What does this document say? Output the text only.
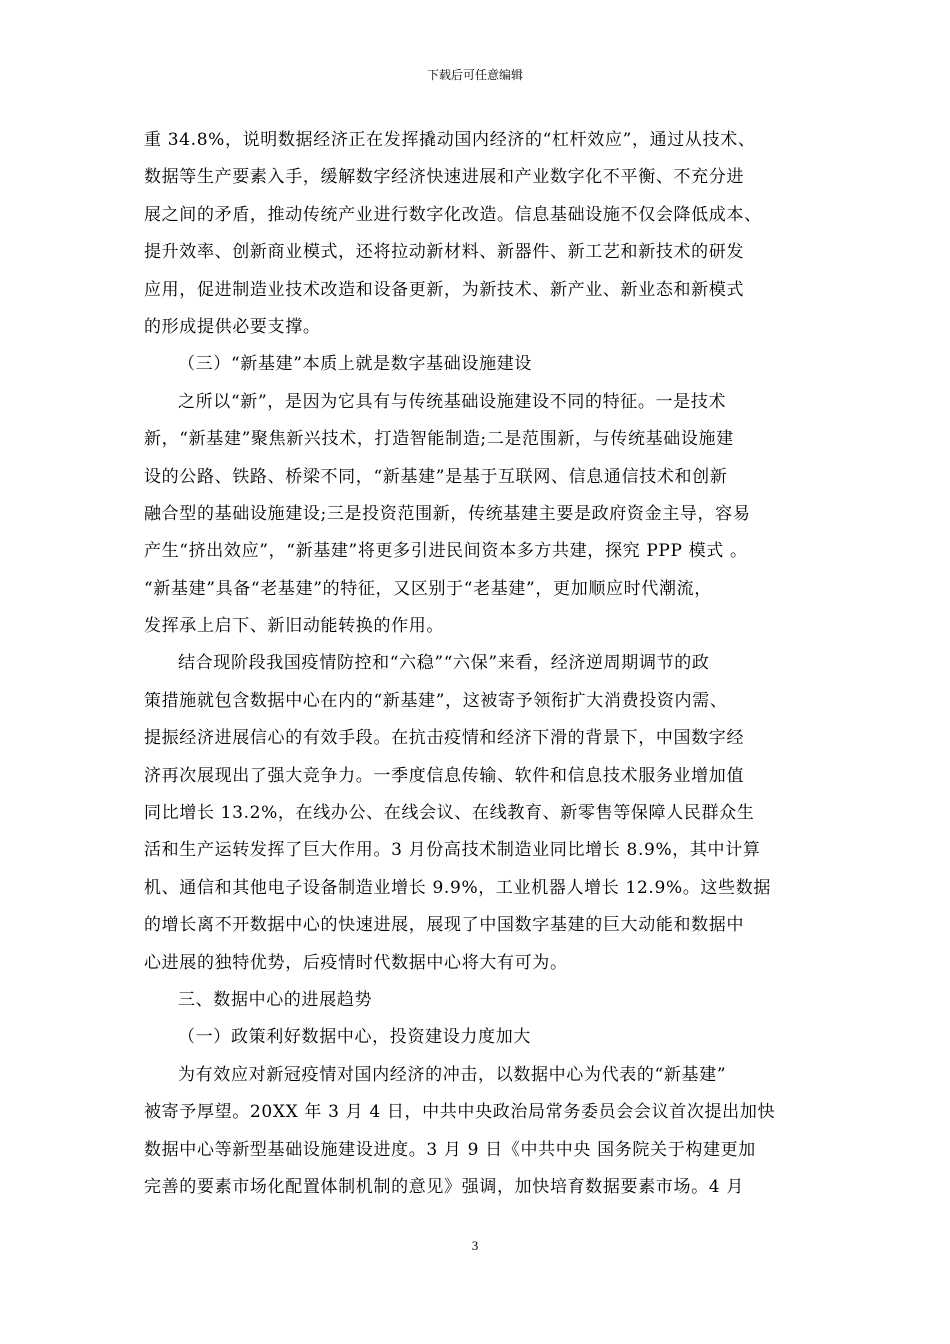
下载后可任意编辑
重 34.8%，说明数据经济正在发挥撬动国内经济的“杠杆效应”，通过从技术、
数据等生产要素入手，缓解数字经济快速进展和产业数字化不平衡、不充分进
展之间的矛盾，推动传统产业进行数字化改造。信息基础设施不仅会降低成本、
提升效率、创新商业模式，还将拉动新材料、新器件、新工艺和新技术的研发
应用，促进制造业技术改造和设备更新，为新技术、新产业、新业态和新模式
的形成提供必要支撑。
（三）“新基建”本质上就是数字基础设施建设
之所以“新”，是因为它具有与传统基础设施建设不同的特征。一是技术
新，“新基建”聚焦新兴技术，打造智能制造;二是范围新，与传统基础设施建
设的公路、铁路、桥梁不同，“新基建”是基于互联网、信息通信技术和创新
融合型的基础设施建设;三是投资范围新，传统基建主要是政府资金主导，容易
产生“挤出效应”，“新基建”将更多引进民间资本多方共建，探究 PPP 模式 。
“新基建”具备“老基建”的特征，又区别于“老基建”，更加顺应时代潮流，
发挥承上启下、新旧动能转换的作用。
结合现阶段我国疫情防控和“六稳”“六保”来看，经济逆周期调节的政
策措施就包含数据中心在内的“新基建”，这被寄予领衔扩大消费投资内需、
提振经济进展信心的有效手段。在抗击疫情和经济下滑的背景下，中国数字经
济再次展现出了强大竞争力。一季度信息传输、软件和信息技术服务业增加值
同比增长 13.2%，在线办公、在线会议、在线教育、新零售等保障人民群众生
活和生产运转发挥了巨大作用。3 月份高技术制造业同比增长 8.9%，其中计算
机、通信和其他电子设备制造业增长 9.9%，工业机器人增长 12.9%。这些数据
的增长离不开数据中心的快速进展，展现了中国数字基建的巨大动能和数据中
心进展的独特优势，后疫情时代数据中心将大有可为。
三、数据中心的进展趋势
（一）政策利好数据中心，投资建设力度加大
为有效应对新冠疫情对国内经济的冲击，以数据中心为代表的“新基建”
被寄予厚望。20XX 年 3 月 4 日，中共中央政治局常务委员会会议首次提出加快
数据中心等新型基础设施建设进度。3 月 9 日《中共中央 国务院关于构建更加
完善的要素市场化配置体制机制的意见》强调，加快培育数据要素市场。4 月
3
